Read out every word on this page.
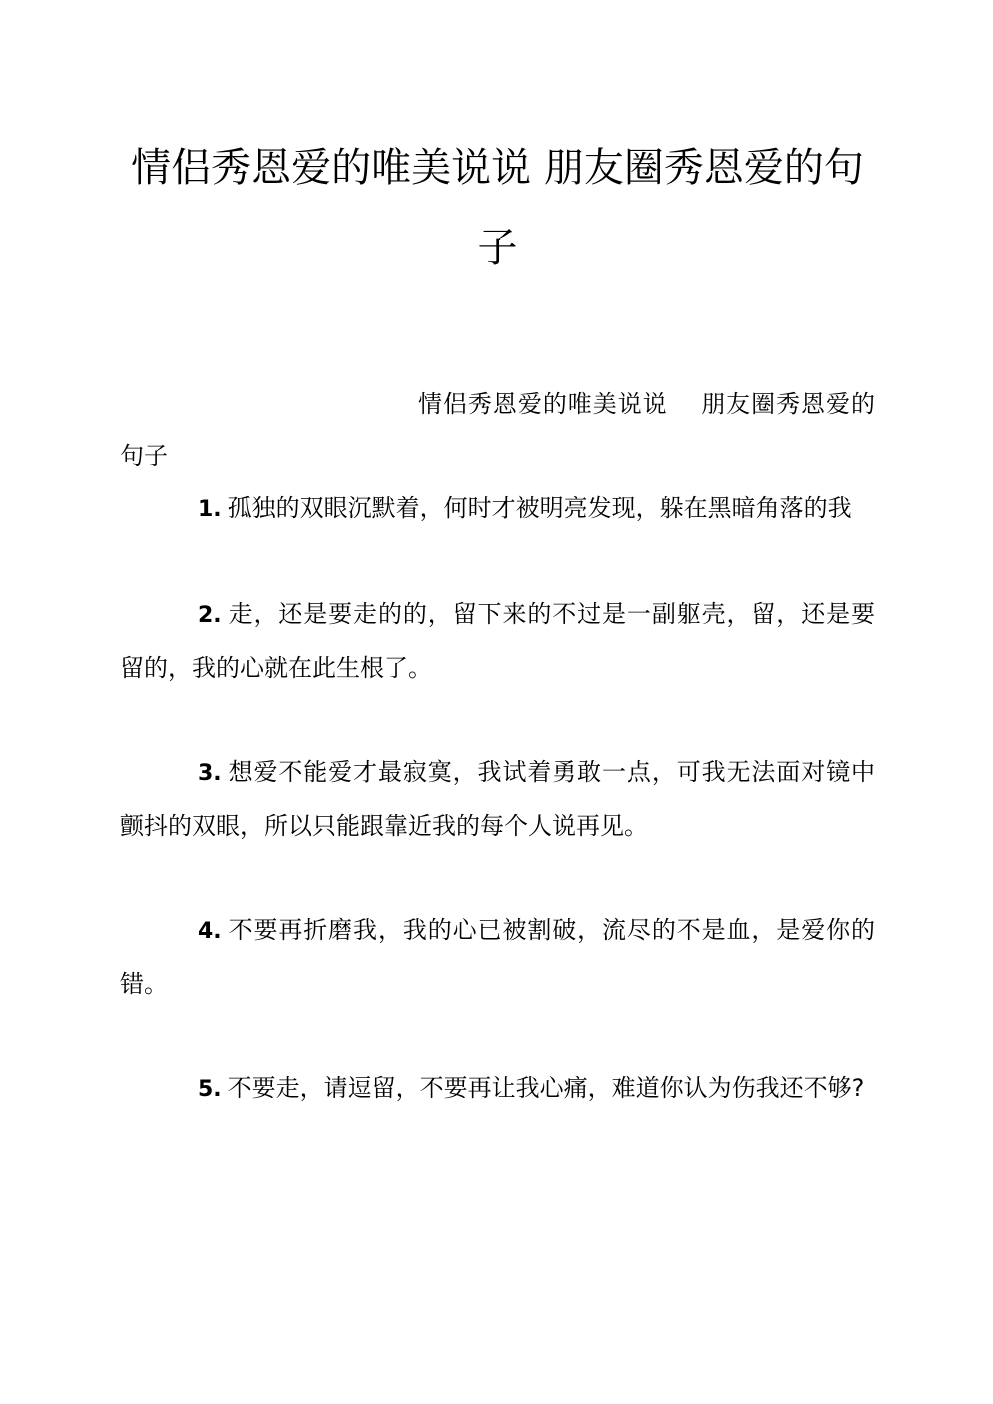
情侣秀恩爱的唯美说说 朋友圈秀恩爱的句子

情侣秀恩爱的唯美说说　 朋友圈秀恩爱的句子

1. 孤独的双眼沉默着，何时才被明亮发现，躲在黑暗角落的我

2. 走，还是要走的的，留下来的不过是一副躯壳，留，还是要留的，我的心就在此生根了。

3. 想爱不能爱才最寂寞，我试着勇敢一点，可我无法面对镜中颤抖的双眼，所以只能跟靠近我的每个人说再见。

4. 不要再折磨我，我的心已被割破，流尽的不是血，是爱你的错。

5. 不要走，请逗留，不要再让我心痛，难道你认为伤我还不够?
